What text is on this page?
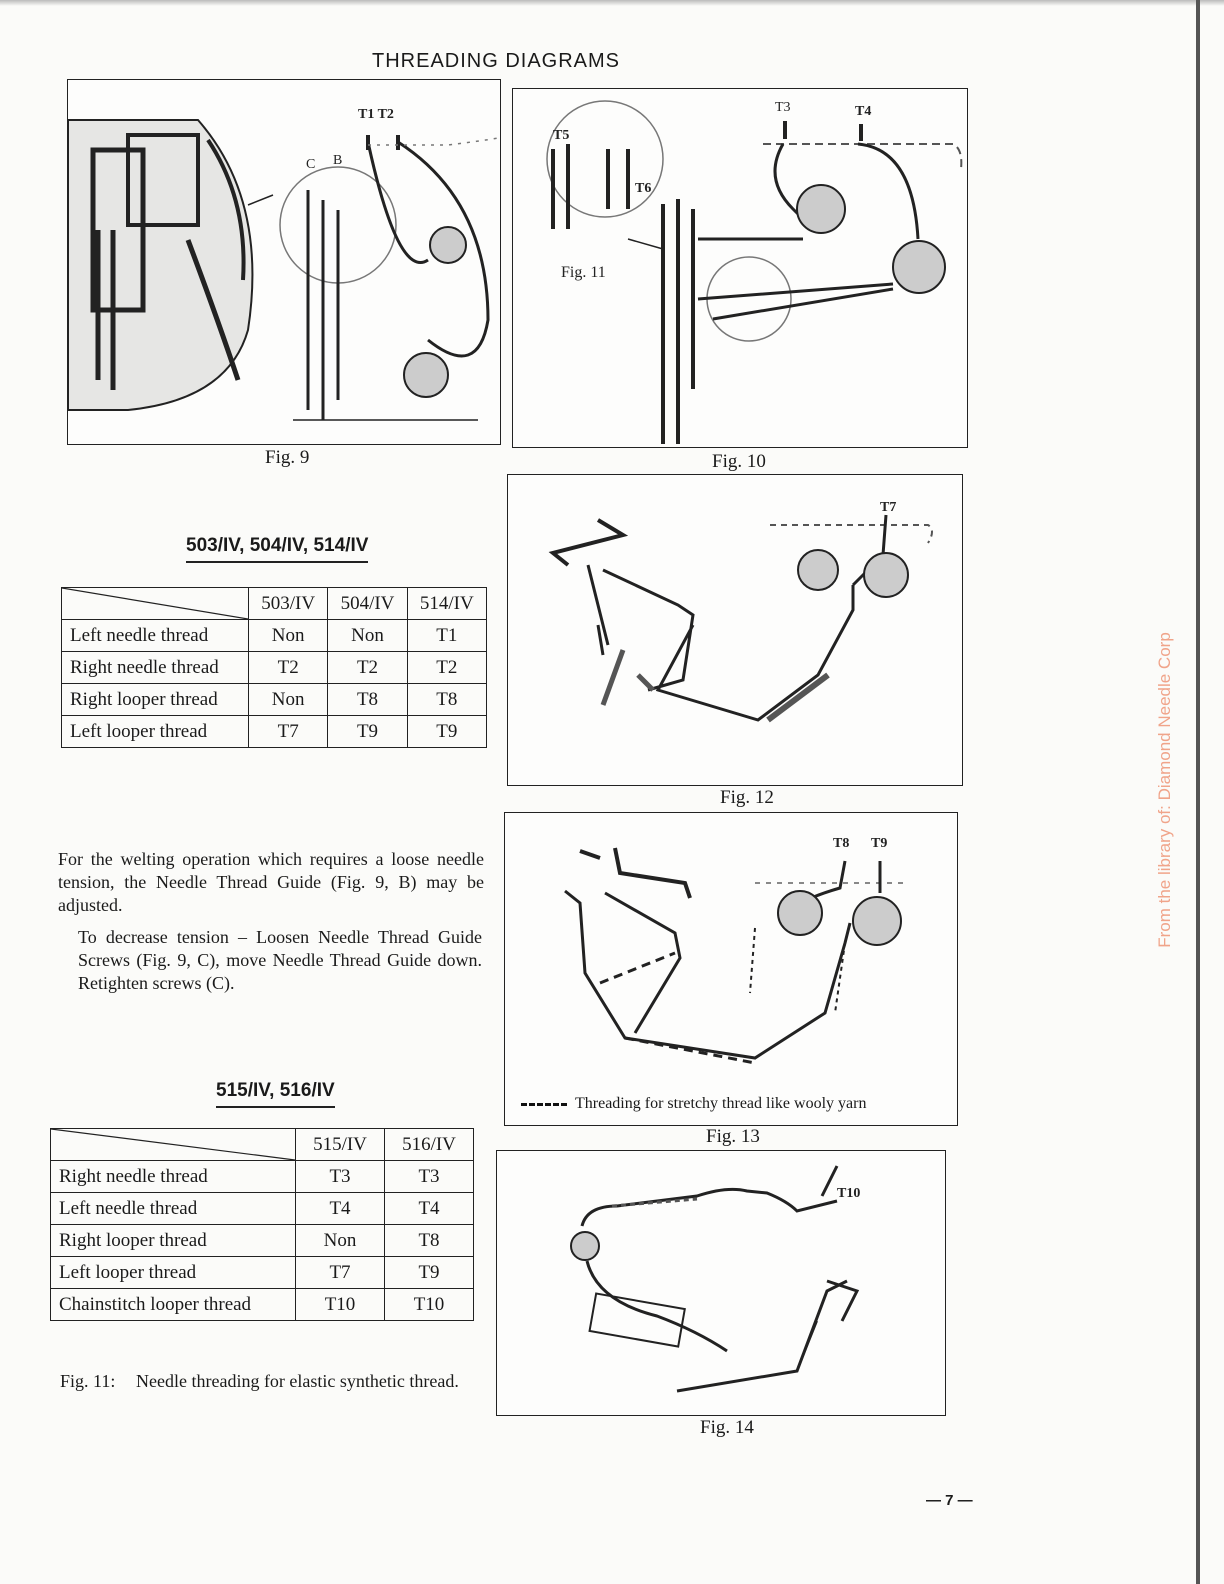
THREADING DIAGRAMS
T1 T2
C B
Fig. 9
T3	T4
T5
T6
Fig. 11
Fig. 10
T7
Fig. 12
T8 T9
Threading for stretchy thread like wooly yarn
Fig. 13
T10
Fig. 14
503/IV, 504/IV, 514/IV
	503/IV	504/IV	514/IV
Left needle thread	Non	Non	T1
Right needle thread	T2	T2	T2
Right looper thread	Non	T8	T8
Left looper thread	T7	T9	T9
For the welting operation which requires a loose needle tension, the Needle Thread Guide (Fig. 9, B) may be adjusted.
To decrease tension – Loosen Needle Thread Guide Screws (Fig. 9, C), move Needle Thread Guide down. Retighten screws (C).
515/IV, 516/IV
	515/IV	516/IV
Right needle thread	T3	T3
Left needle thread	T4	T4
Right looper thread	Non	T8
Left looper thread	T7	T9
Chainstitch looper thread	T10	T10
Fig. 11: Needle threading for elastic synthetic thread.
From the library of: Diamond Needle Corp
— 7 —
